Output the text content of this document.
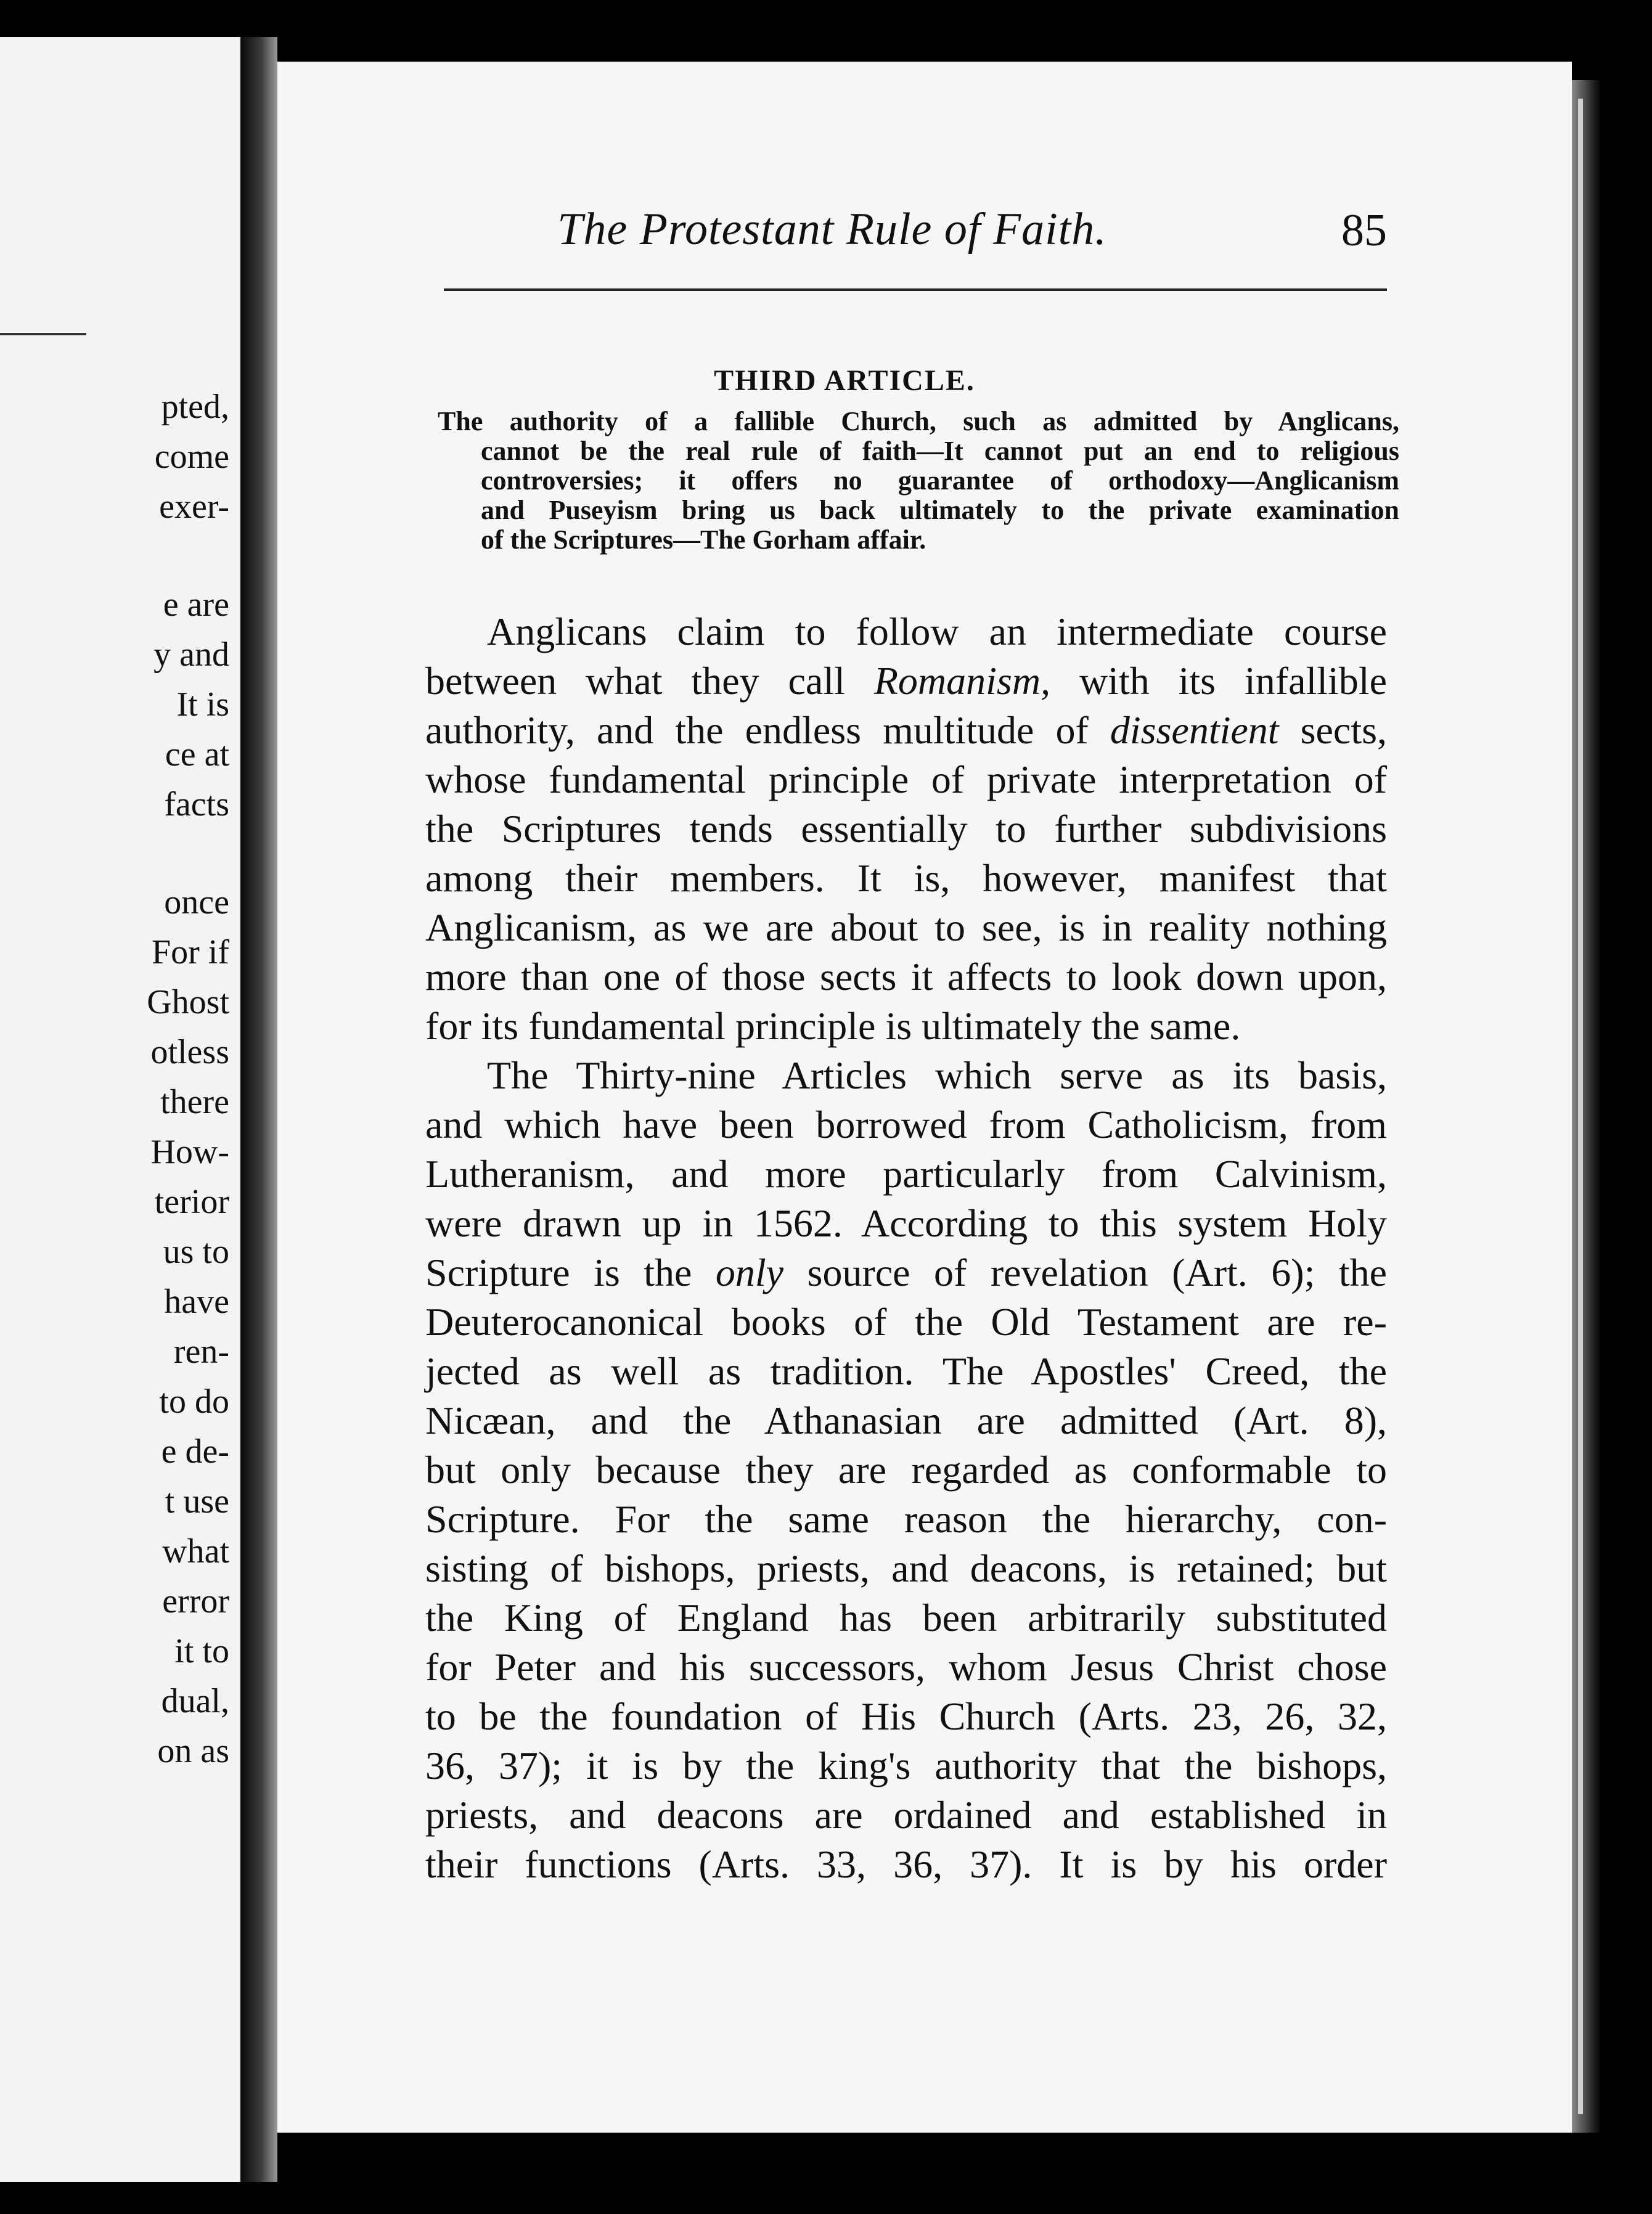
pted,
come
exer-
e are
y and
It is
ce at
facts
once
For if
Ghost
otless
there
How-
terior
us to
have
ren-
to do
e de-
t use
what
error
it to
dual,
on as
The Protestant Rule of Faith.	85
THIRD ARTICLE.
The authority of a fallible Church, such as admitted by Anglicans,
cannot be the real rule of faith—It cannot put an end to religious
controversies; it offers no guarantee of orthodoxy—Anglicanism
and Puseyism bring us back ultimately to the private examination
of the Scriptures—The Gorham affair.
Anglicans claim to follow an intermediate course
between what they call Romanism, with its infallible
authority, and the endless multitude of dissentient sects,
whose fundamental principle of private interpretation of
the Scriptures tends essentially to further subdivisions
among their members. It is, however, manifest that
Anglicanism, as we are about to see, is in reality nothing
more than one of those sects it affects to look down upon,
for its fundamental principle is ultimately the same.
The Thirty-nine Articles which serve as its basis,
and which have been borrowed from Catholicism, from
Lutheranism, and more particularly from Calvinism,
were drawn up in 1562. According to this system Holy
Scripture is the only source of revelation (Art. 6); the
Deuterocanonical books of the Old Testament are re-
jected as well as tradition. The Apostles' Creed, the
Nicæan, and the Athanasian are admitted (Art. 8),
but only because they are regarded as conformable to
Scripture. For the same reason the hierarchy, con-
sisting of bishops, priests, and deacons, is retained; but
the King of England has been arbitrarily substituted
for Peter and his successors, whom Jesus Christ chose
to be the foundation of His Church (Arts. 23, 26, 32,
36, 37); it is by the king's authority that the bishops,
priests, and deacons are ordained and established in
their functions (Arts. 33, 36, 37). It is by his order
